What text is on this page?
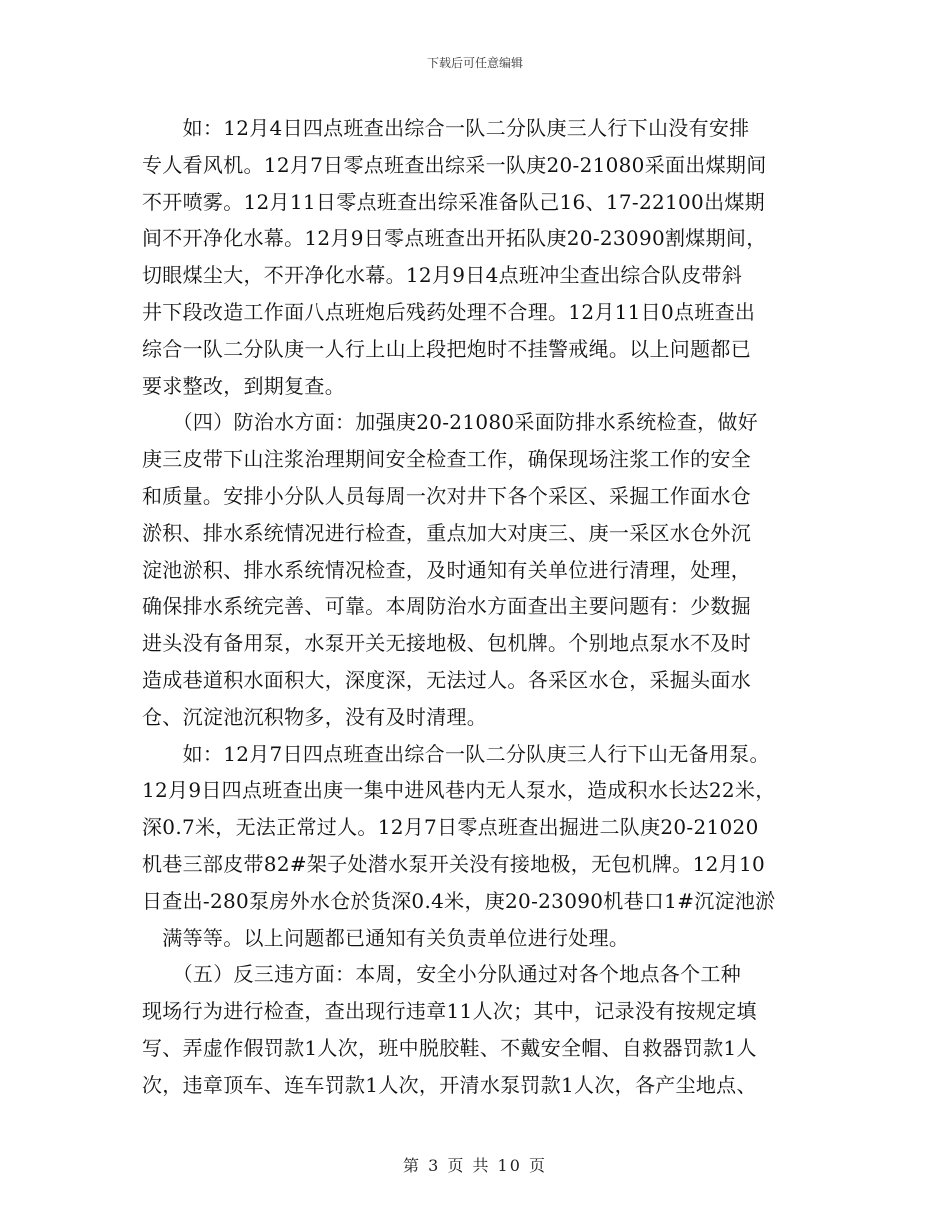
下载后可任意编辑
　　如：12月4日四点班查出综合一队二分队庚三人行下山没有安排
专人看风机。12月7日零点班查出综采一队庚20-21080采面出煤期间
不开喷雾。12月11日零点班查出综采准备队己16、17-22100出煤期
间不开净化水幕。12月9日零点班查出开拓队庚20-23090割煤期间，
切眼煤尘大，不开净化水幕。12月9日4点班冲尘查出综合队皮带斜
井下段改造工作面八点班炮后残药处理不合理。12月11日0点班查出
综合一队二分队庚一人行上山上段把炮时不挂警戒绳。以上问题都已
要求整改，到期复查。
　　（四）防治水方面：加强庚20-21080采面防排水系统检查，做好
庚三皮带下山注浆治理期间安全检查工作，确保现场注浆工作的安全
和质量。安排小分队人员每周一次对井下各个采区、采掘工作面水仓
淤积、排水系统情况进行检查，重点加大对庚三、庚一采区水仓外沉
淀池淤积、排水系统情况检查，及时通知有关单位进行清理，处理，
确保排水系统完善、可靠。本周防治水方面查出主要问题有：少数掘
进头没有备用泵，水泵开关无接地极、包机牌。个别地点泵水不及时
造成巷道积水面积大，深度深，无法过人。各采区水仓，采掘头面水
仓、沉淀池沉积物多，没有及时清理。
　　如：12月7日四点班查出综合一队二分队庚三人行下山无备用泵。
12月9日四点班查出庚一集中进风巷内无人泵水，造成积水长达22米，
深0.7米，无法正常过人。12月7日零点班查出掘进二队庚20-21020
机巷三部皮带82#架子处潜水泵开关没有接地极，无包机牌。12月10
日查出-280泵房外水仓於货深0.4米，庚20-23090机巷口1#沉淀池淤
　满等等。以上问题都已通知有关负责单位进行处理。
　　（五）反三违方面：本周，安全小分队通过对各个地点各个工种
现场行为进行检查，查出现行违章11人次；其中，记录没有按规定填
写、弄虚作假罚款1人次，班中脱胶鞋、不戴安全帽、自救器罚款1人
次，违章顶车、连车罚款1人次，开清水泵罚款1人次，各产尘地点、
第 3 页 共 10 页
